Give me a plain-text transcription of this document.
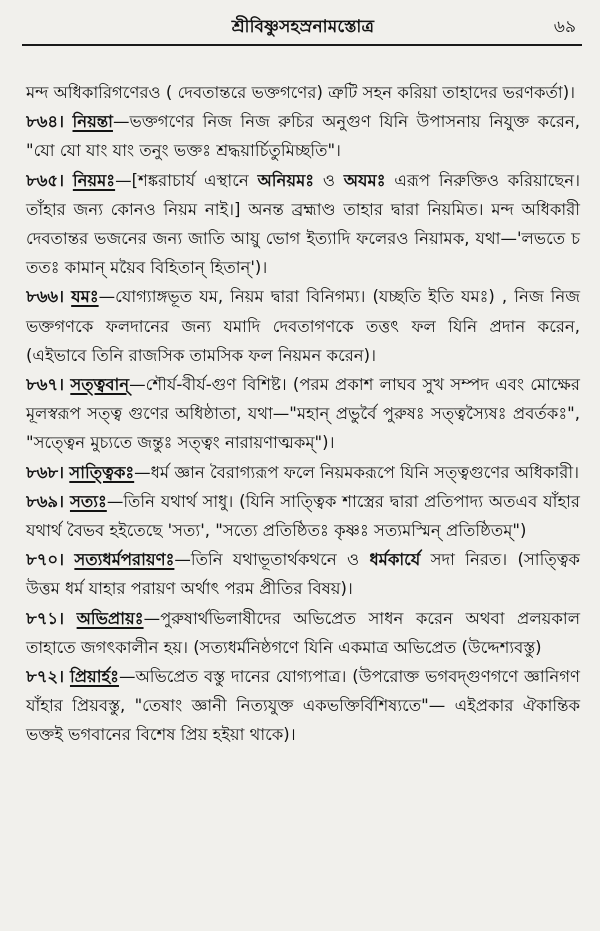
শ্রীবিষ্ণুসহস্রনামস্তোত্র	৬৯

মন্দ অধিকারিগণেরও ( দেবতান্তরে ভক্তগণের) ত্রুটি সহন করিয়া তাহাদের ভরণকর্তা)।

৮৬৪। নিয়ন্তা—ভক্তগণের নিজ নিজ রুচির অনুগুণ যিনি উপাসনায় নিযুক্ত করেন, "যো যো যাং যাং তনুং ভক্তঃ শ্রদ্ধয়ার্চিতুমিচ্ছতি"।

৮৬৫। নিয়মঃ—[শঙ্করাচার্য এস্থানে অনিয়মঃ ও অযমঃ এরূপ নিরুক্তিও করিয়াছেন। তাঁহার জন্য কোনও নিয়ম নাই।] অনন্ত ব্রহ্মাণ্ড তাহার দ্বারা নিয়মিত। মন্দ অধিকারী দেবতান্তর ভজনের জন্য জাতি আয়ু ভোগ ইত্যাদি ফলেরও নিয়ামক, যথা—'লভতে চ ততঃ কামান্ ময়ৈব বিহিতান্ হিতান্')।

৮৬৬। যমঃ—যোগ্যাঙ্গভূত যম, নিয়ম দ্বারা বিনিগম্য। (যচ্ছতি ইতি যমঃ) , নিজ নিজ ভক্তগণকে ফলদানের জন্য যমাদি দেবতাগণকে তত্তৎ ফল যিনি প্রদান করেন, (এইভাবে তিনি রাজসিক তামসিক ফল নিয়মন করেন)।

৮৬৭। সত্ত্ববান্—শৌর্য-বীর্য-গুণ বিশিষ্ট। (পরম প্রকাশ লাঘব সুখ সম্পদ এবং মোক্ষের মূলস্বরূপ সত্ত্ব গুণের অধিষ্ঠাতা, যথা—"মহান্ প্রভুর্বৈ পুরুষঃ সত্ত্বস্যৈষঃ প্রবর্তকঃ", "সত্ত্বেন মুচ্যতে জন্তুঃ সত্ত্বং নারায়ণাত্মকম্")।

৮৬৮। সাত্ত্বিকঃ—ধর্ম জ্ঞান বৈরাগ্যরূপ ফলে নিয়মকরূপে যিনি সত্ত্বগুণের অধিকারী।

৮৬৯। সত্যঃ—তিনি যথার্থ সাধু। (যিনি সাত্ত্বিক শাস্ত্রের দ্বারা প্রতিপাদ্য অতএব যাঁহার যথার্থ বৈভব হইতেছে 'সত্য', "সত্যে প্রতিষ্ঠিতঃ কৃষ্ণঃ সত্যমস্মিন্ প্রতিষ্ঠিতম্")

৮৭০। সত্যধর্মপরায়ণঃ—তিনি যথাভূতার্থকথনে ও ধর্মকার্যে সদা নিরত। (সাত্ত্বিক উত্তম ধর্ম যাহার পরায়ণ অর্থাৎ পরম প্রীতির বিষয়)।

৮৭১। অভিপ্রায়ঃ—পুরুষার্থভিলাষীদের অভিপ্রেত সাধন করেন অথবা প্রলয়কাল তাহাতে জগৎকালীন হয়। (সত্যধর্মনিষ্ঠগণে যিনি একমাত্র অভিপ্রেত (উদ্দেশ্যবস্তু)

৮৭২। প্রিয়ার্হঃ—অভিপ্রেত বস্তু দানের যোগ্যপাত্র। (উপরোক্ত ভগবদ্গুণগণে জ্ঞানিগণ যাঁহার প্রিয়বস্তু, "তেষাং জ্ঞানী নিত্যযুক্ত একভক্তির্বিশিষ্যতে"— এইপ্রকার ঐকান্তিক ভক্তই ভগবানের বিশেষ প্রিয় হইয়া থাকে)।
